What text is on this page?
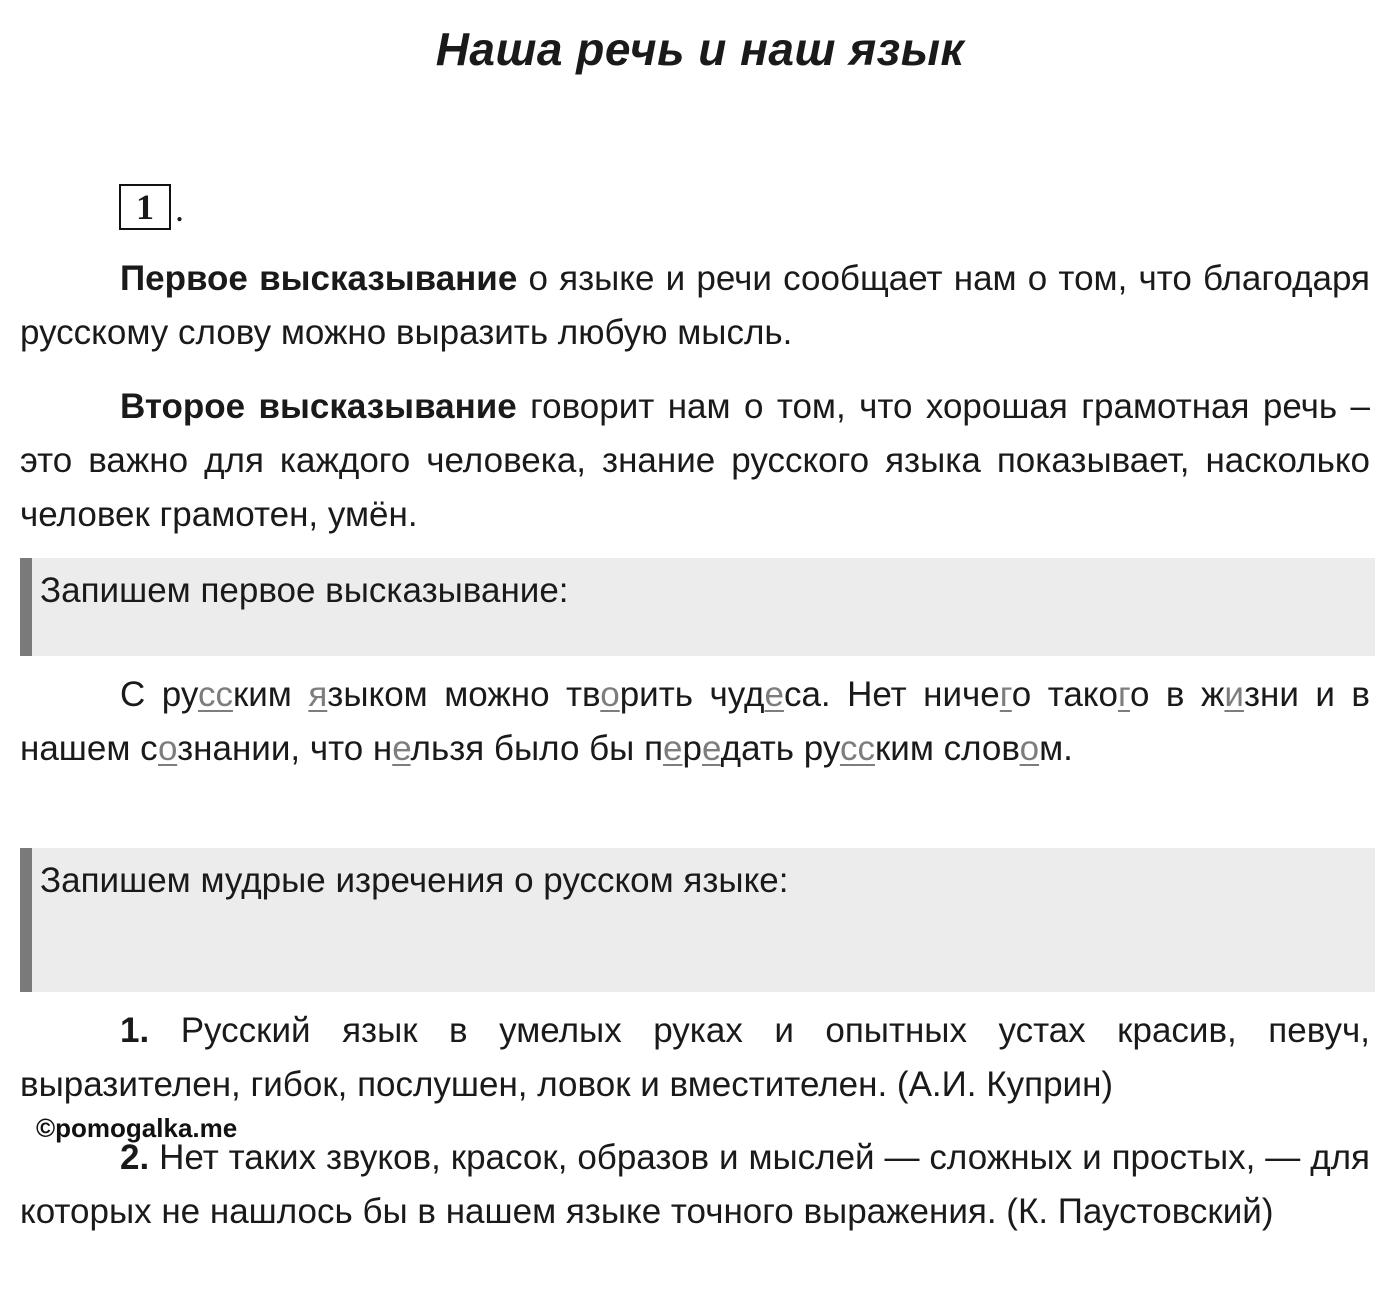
Наша речь и наш язык
1 .

Первое высказывание о языке и речи сообщает нам о том, что благодаря русскому слову можно выразить любую мысль.

Второе высказывание говорит нам о том, что хорошая грамотная речь – это важно для каждого человека, знание русского языка показывает, насколько человек грамотен, умён.

Запишем первое высказывание:

С русским языком можно творить чудеса. Нет ничего такого в жизни и в нашем сознании, что нельзя было бы передать русским словом.

Запишем мудрые изречения о русском языке:

1. Русский язык в умелых руках и опытных устах красив, певуч, выразителен, гибок, послушен, ловок и вместителен. (А.И. Куприн)

©pomogalka.me

2. Нет таких звуков, красок, образов и мыслей — сложных и простых, — для которых не нашлось бы в нашем языке точного выражения. (К. Паустовский)
